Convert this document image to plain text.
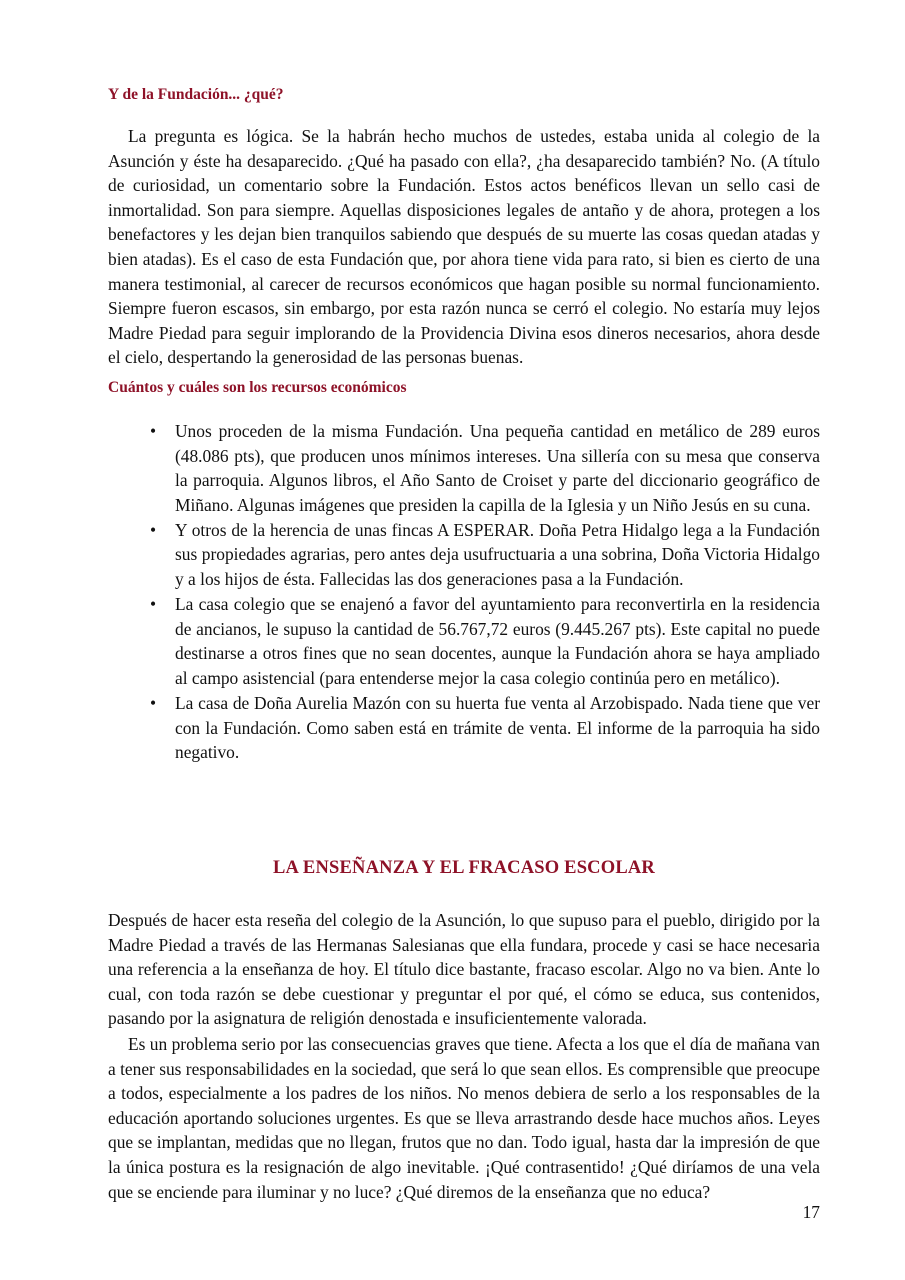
Y de la Fundación... ¿qué?

La pregunta es lógica. Se la habrán hecho muchos de ustedes, estaba unida al colegio de la Asunción y éste ha desaparecido. ¿Qué ha pasado con ella?, ¿ha desaparecido también? No. (A título de curiosidad, un comentario sobre la Fundación. Estos actos benéficos llevan un sello casi de inmortalidad. Son para siempre. Aquellas disposiciones legales de antaño y de ahora, protegen a los benefactores y les dejan bien tranquilos sabiendo que después de su muerte las cosas quedan atadas y bien atadas). Es el caso de esta Fundación que, por ahora tiene vida para rato, si bien es cierto de una manera testimonial, al carecer de recursos económicos que hagan posible su normal funcionamiento. Siempre fueron escasos, sin embargo, por esta razón nunca se cerró el colegio. No estaría muy lejos Madre Piedad para seguir implorando de la Providencia Divina esos dineros necesarios, ahora desde el cielo, despertando la generosidad de las personas buenas.

Cuántos y cuáles son los recursos económicos
• Unos proceden de la misma Fundación. Una pequeña cantidad en metálico de 289 euros (48.086 pts), que producen unos mínimos intereses. Una sillería con su mesa que conserva la parroquia. Algunos libros, el Año Santo de Croiset y parte del diccionario geográfico de Miñano. Algunas imágenes que presiden la capilla de la Iglesia y un Niño Jesús en su cuna.
• Y otros de la herencia de unas fincas A ESPERAR. Doña Petra Hidalgo lega a la Fundación sus propiedades agrarias, pero antes deja usufructuaria a una sobrina, Doña Victoria Hidalgo y a los hijos de ésta. Fallecidas las dos generaciones pasa a la Fundación.
• La casa colegio que se enajenó a favor del ayuntamiento para reconvertirla en la residencia de ancianos, le supuso la cantidad de 56.767,72 euros (9.445.267 pts). Este capital no puede destinarse a otros fines que no sean docentes, aunque la Fundación ahora se haya ampliado al campo asistencial (para entenderse mejor la casa colegio continúa pero en metálico).
• La casa de Doña Aurelia Mazón con su huerta fue venta al Arzobispado. Nada tiene que ver con la Fundación. Como saben está en trámite de venta. El informe de la parroquia ha sido negativo.
LA ENSEÑANZA Y EL FRACASO ESCOLAR

Después de hacer esta reseña del colegio de la Asunción, lo que supuso para el pueblo, dirigido por la Madre Piedad a través de las Hermanas Salesianas que ella fundara, procede y casi se hace necesaria una referencia a la enseñanza de hoy. El título dice bastante, fracaso escolar. Algo no va bien. Ante lo cual, con toda razón se debe cuestionar y preguntar el por qué, el cómo se educa, sus contenidos, pasando por la asignatura de religión denostada e insuficientemente valorada.

Es un problema serio por las consecuencias graves que tiene. Afecta a los que el día de mañana van a tener sus responsabilidades en la sociedad, que será lo que sean ellos. Es comprensible que preocupe a todos, especialmente a los padres de los niños. No menos debiera de serlo a los responsables de la educación aportando soluciones urgentes. Es que se lleva arrastrando desde hace muchos años. Leyes que se implantan, medidas que no llegan, frutos que no dan. Todo igual, hasta dar la impresión de que la única postura es la resignación de algo inevitable. ¡Qué contrasentido! ¿Qué diríamos de una vela que se enciende para iluminar y no luce? ¿Qué diremos de la enseñanza que no educa?

17
